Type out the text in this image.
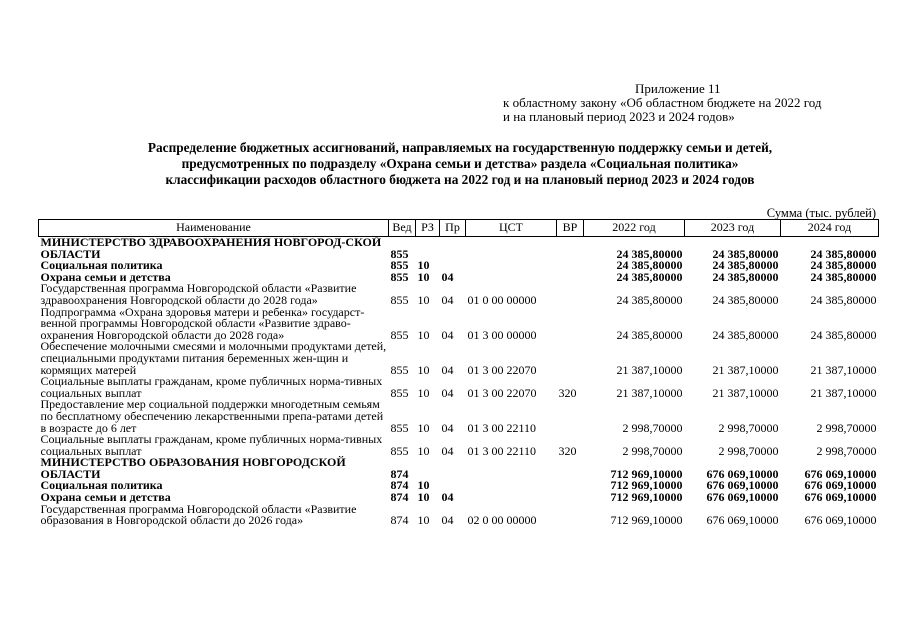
Приложение 11
к областному закону «Об областном бюджете на 2022 год
и на плановый период 2023 и 2024 годов»
Распределение бюджетных ассигнований, направляемых на государственную поддержку семьи и детей,
предусмотренных по подразделу «Охрана семьи и детства» раздела «Социальная политика»
классификации расходов областного бюджета на 2022 год и на плановый период 2023 и 2024 годов
Сумма (тыс. рублей)
Наименование	Вед	РЗ	Пр	ЦСТ	ВР	2022 год	2023 год	2024 год
МИНИСТЕРСТВО ЗДРАВООХРАНЕНИЯ НОВГОРОД-СКОЙ ОБЛАСТИ	855					24 385,80000	24 385,80000	24 385,80000
Социальная политика	855	10				24 385,80000	24 385,80000	24 385,80000
Охрана семьи и детства	855	10	04			24 385,80000	24 385,80000	24 385,80000
Государственная программа Новгородской области «Развитие здравоохранения Новгородской области до 2028 года»	855	10	04	01 0 00 00000		24 385,80000	24 385,80000	24 385,80000
Подпрограмма «Охрана здоровья матери и ребенка» государст-венной программы Новгородской области «Развитие здраво-охранения Новгородской области до 2028 года»	855	10	04	01 3 00 00000		24 385,80000	24 385,80000	24 385,80000
Обеспечение молочными смесями и молочными продуктами детей, специальными продуктами питания беременных жен-щин и кормящих матерей	855	10	04	01 3 00 22070		21 387,10000	21 387,10000	21 387,10000
Социальные выплаты гражданам, кроме публичных норма-тивных социальных выплат	855	10	04	01 3 00 22070	320	21 387,10000	21 387,10000	21 387,10000
Предоставление мер социальной поддержки многодетным семьям по бесплатному обеспечению лекарственными препа-ратами детей в возрасте до 6 лет	855	10	04	01 3 00 22110		2 998,70000	2 998,70000	2 998,70000
Социальные выплаты гражданам, кроме публичных норма-тивных социальных выплат	855	10	04	01 3 00 22110	320	2 998,70000	2 998,70000	2 998,70000
МИНИСТЕРСТВО ОБРАЗОВАНИЯ НОВГОРОДСКОЙ ОБЛАСТИ	874					712 969,10000	676 069,10000	676 069,10000
Социальная политика	874	10				712 969,10000	676 069,10000	676 069,10000
Охрана семьи и детства	874	10	04			712 969,10000	676 069,10000	676 069,10000
Государственная программа Новгородской области «Развитие образования в Новгородской области до 2026 года»	874	10	04	02 0 00 00000		712 969,10000	676 069,10000	676 069,10000
